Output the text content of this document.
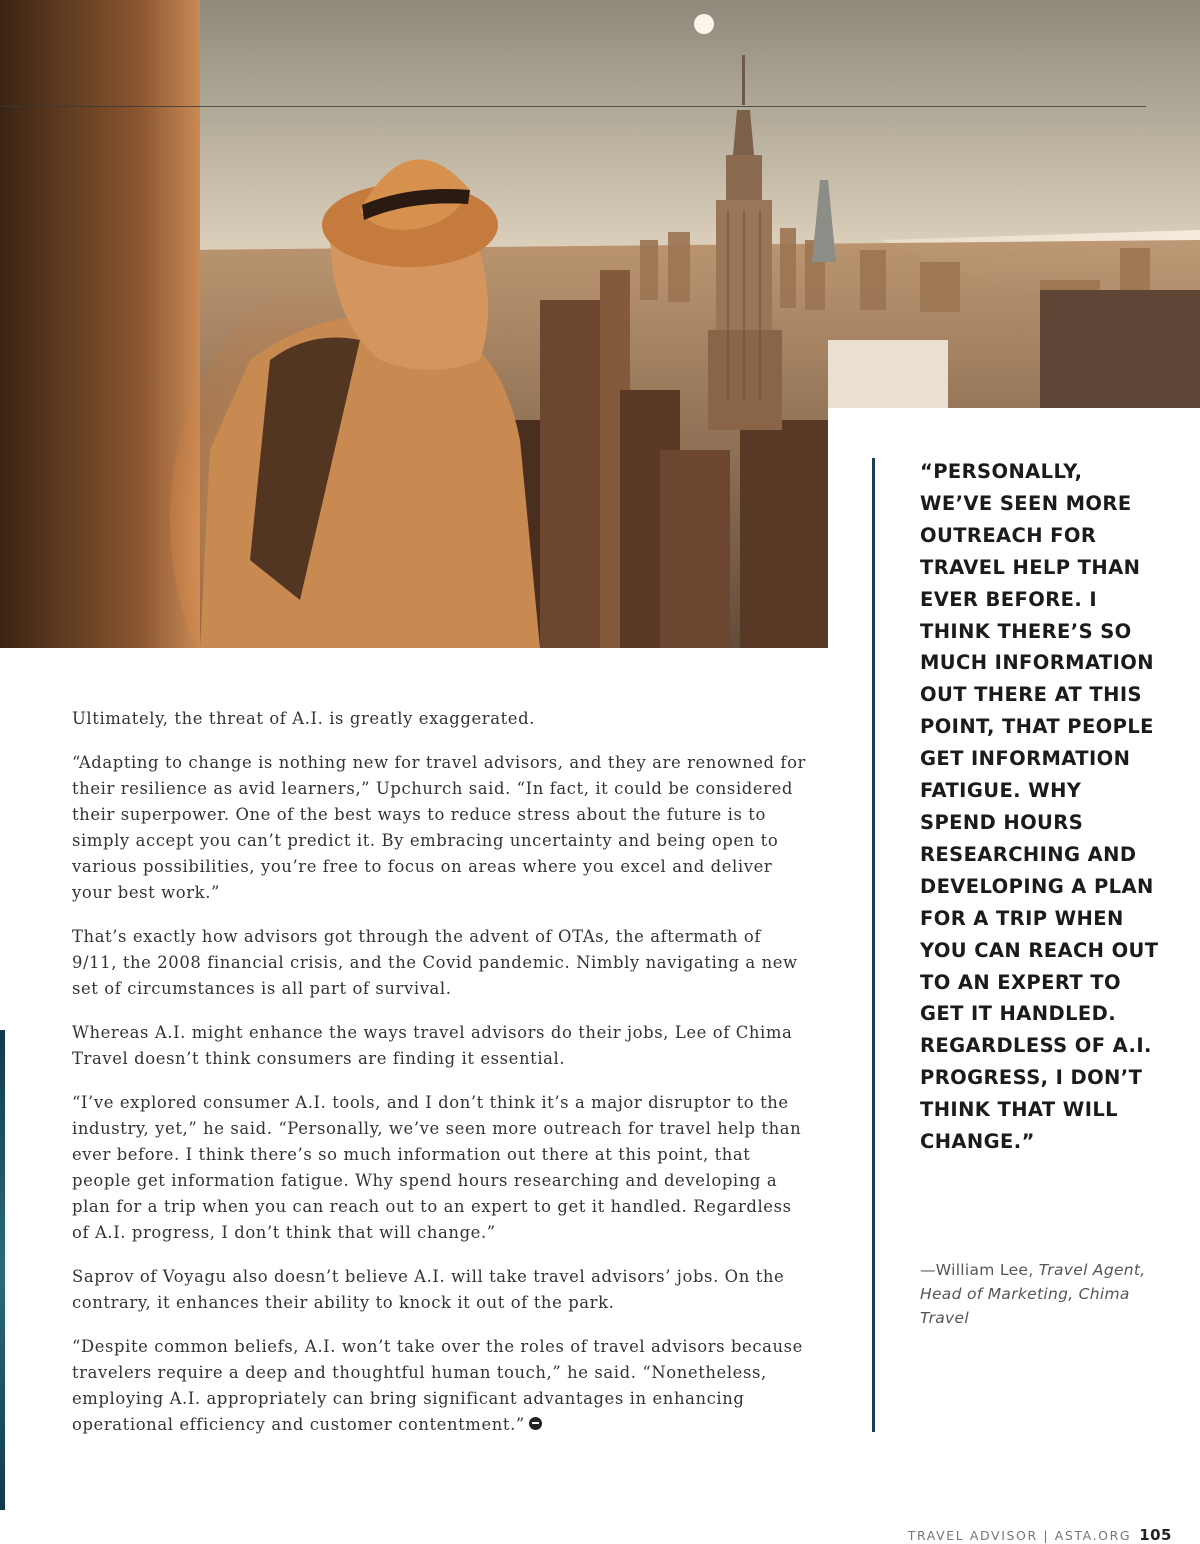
Ultimately, the threat of A.I. is greatly exaggerated.

“Adapting to change is nothing new for travel advisors, and they are renowned for their resilience as avid learners,” Upchurch said. “In fact, it could be considered their superpower. One of the best ways to reduce stress about the future is to simply accept you can’t predict it. By embracing uncertainty and being open to various possibilities, you’re free to focus on areas where you excel and deliver your best work.”

That’s exactly how advisors got through the advent of OTAs, the aftermath of 9/11, the 2008 financial crisis, and the Covid pandemic. Nimbly navigating a new set of circumstances is all part of survival.

Whereas A.I. might enhance the ways travel advisors do their jobs, Lee of Chima Travel doesn’t think consumers are finding it essential.

“I’ve explored consumer A.I. tools, and I don’t think it’s a major disruptor to the industry, yet,” he said. “Personally, we’ve seen more outreach for travel help than ever before. I think there’s so much information out there at this point, that people get information fatigue. Why spend hours researching and developing a plan for a trip when you can reach out to an expert to get it handled. Regardless of A.I. progress, I don’t think that will change.”

Saprov of Voyagu also doesn’t believe A.I. will take travel advisors’ jobs. On the contrary, it enhances their ability to knock it out of the park.

“Despite common beliefs, A.I. won’t take over the roles of travel advisors because travelers require a deep and thoughtful human touch,” he said. “Nonetheless, employing A.I. appropriately can bring significant advantages in enhancing operational efficiency and customer contentment.”

“PERSONALLY, WE’VE SEEN MORE OUTREACH FOR TRAVEL HELP THAN EVER BEFORE. I THINK THERE’S SO MUCH INFORMATION OUT THERE AT THIS POINT, THAT PEOPLE GET INFORMATION FATIGUE. WHY SPEND HOURS RESEARCHING AND DEVELOPING A PLAN FOR A TRIP WHEN YOU CAN REACH OUT TO AN EXPERT TO GET IT HANDLED. REGARDLESS OF A.I. PROGRESS, I DON’T THINK THAT WILL CHANGE.”

—William Lee, Travel Agent, Head of Marketing, Chima Travel
TRAVEL ADVISOR | ASTA.ORG 105
